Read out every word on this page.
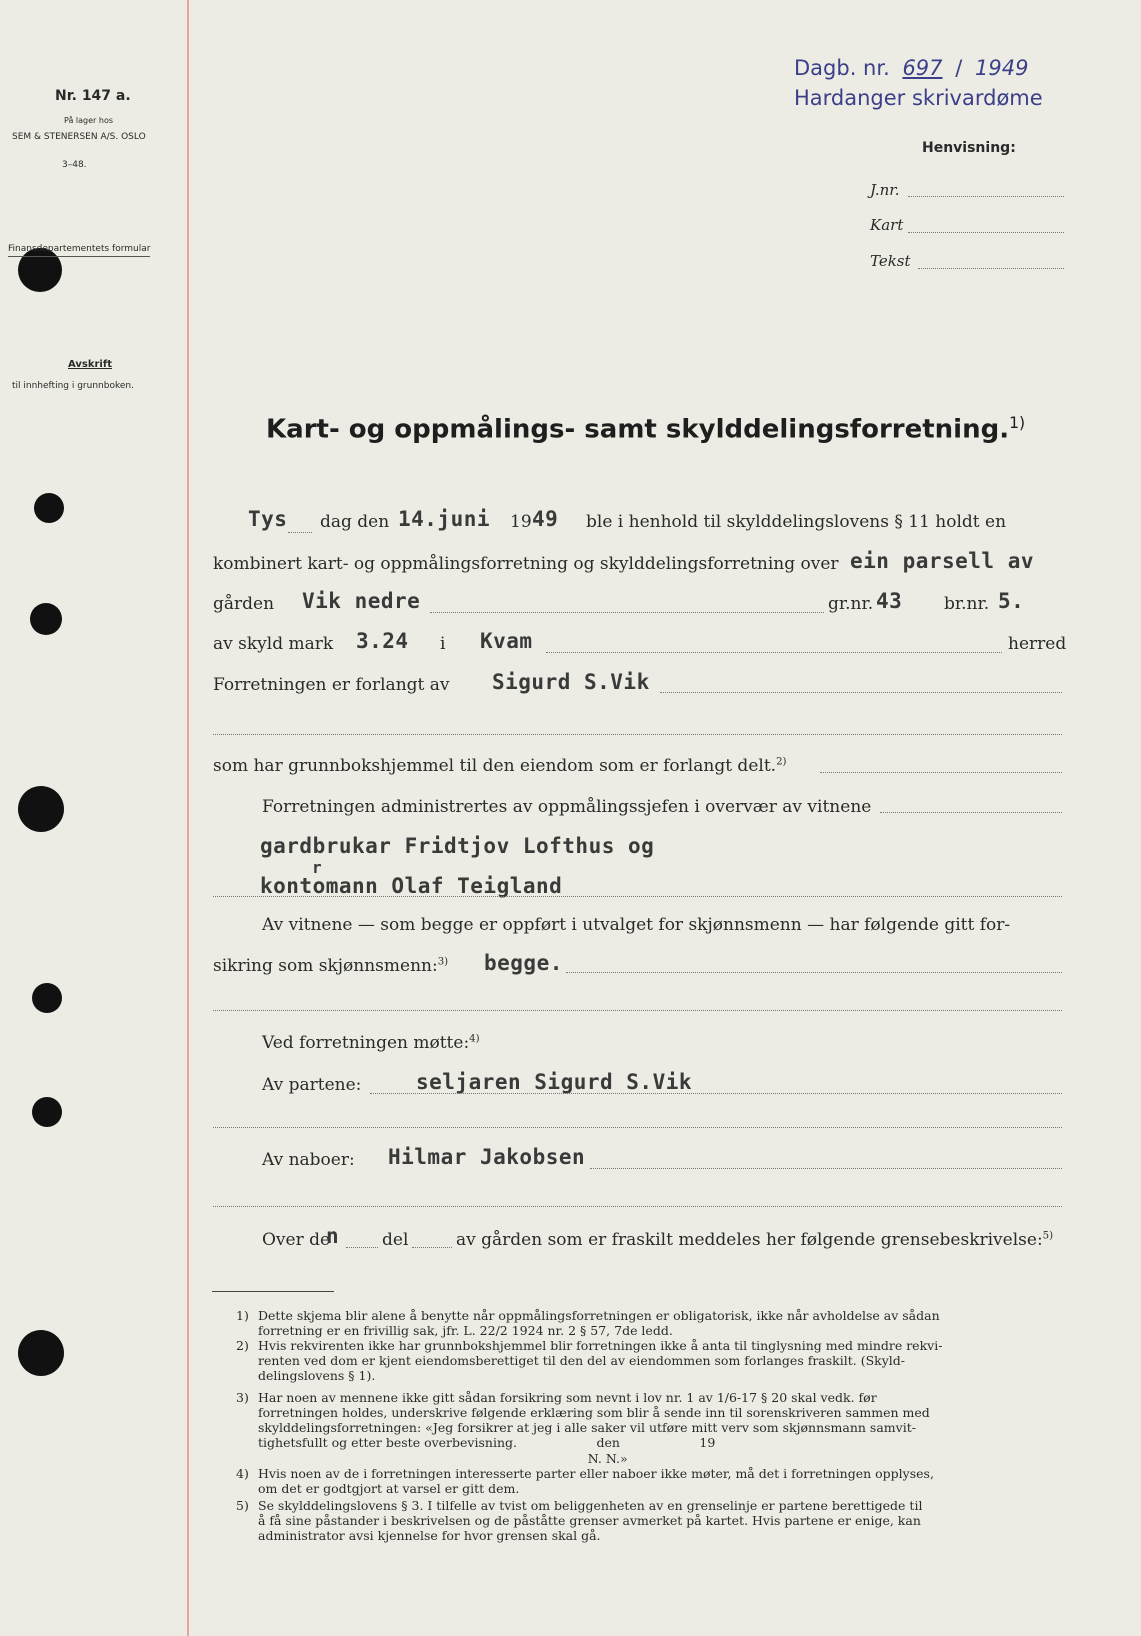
Nr. 147 a.
På lager hos
SEM & STENERSEN A/S. OSLO
3–48.
Finansdepartementets formular
Avskrift
til innhefting i grunnboken.
Dagb. nr. 697 / 1949
Hardanger skrivardøme
Henvisning:
J.nr.
Kart
Tekst
Kart- og oppmålings- samt skylddelingsforretning.$^{1)}$
Tys dag den 14.juni 19 49 ble i henhold til skylddelingslovens § 11 holdt en
kombinert kart- og oppmålingsforretning og skylddelingsforretning over ein parsell av
gården Vik nedre	gr.nr. 43 br.nr. 5.
av skyld mark 3.24 i Kvam	herred
Forretningen er forlangt av Sigurd S.Vik
som har grunnbokshjemmel til den eiendom som er forlangt delt.$^{2)}$
Forretningen administrertes av oppmålingssjefen i overvær av vitnene
gardbrukar Fridtjov Lofthus og
r
kontomann Olaf Teigland
Av vitnene — som begge er oppført i utvalget for skjønnsmenn — har følgende gitt for-
sikring som skjønnsmenn:$^{3)}$ begge.
Ved forretningen møtte:$^{4)}$
Av partene:	seljaren Sigurd S.Vik
Av naboer: Hilmar Jakobsen
Over de
n	del	av gården som er fraskilt meddeles her følgende grensebeskrivelse:$^{5)}$
1) Dette skjema blir alene å benytte når oppmålingsforretningen er obligatorisk, ikke når avholdelse av sådan
forretning er en frivillig sak, jfr. L. 22/2 1924 nr. 2 § 57, 7de ledd.
2) Hvis rekvirenten ikke har grunnbokshjemmel blir forretningen ikke å anta til tinglysning med mindre rekvi-
renten ved dom er kjent eiendomsberettiget til den del av eiendommen som forlanges fraskilt. (Skyld-
delingslovens § 1).
3) Har noen av mennene ikke gitt sådan forsikring som nevnt i lov nr. 1 av 1/6-17 § 20 skal vedk. før
forretningen holdes, underskrive følgende erklæring som blir å sende inn til sorenskriveren sammen med
skylddelingsforretningen: «Jeg forsikrer at jeg i alle saker vil utføre mitt verv som skjønnsmann samvit-
tighetsfullt og etter beste overbevisning.                    den                    19
N. N.»
4) Hvis noen av de i forretningen interesserte parter eller naboer ikke møter, må det i forretningen opplyses,
om det er godtgjort at varsel er gitt dem.
5) Se skylddelingslovens § 3. I tilfelle av tvist om beliggenheten av en grenselinje er partene berettigede til
å få sine påstander i beskrivelsen og de påståtte grenser avmerket på kartet. Hvis partene er enige, kan
administrator avsi kjennelse for hvor grensen skal gå.
